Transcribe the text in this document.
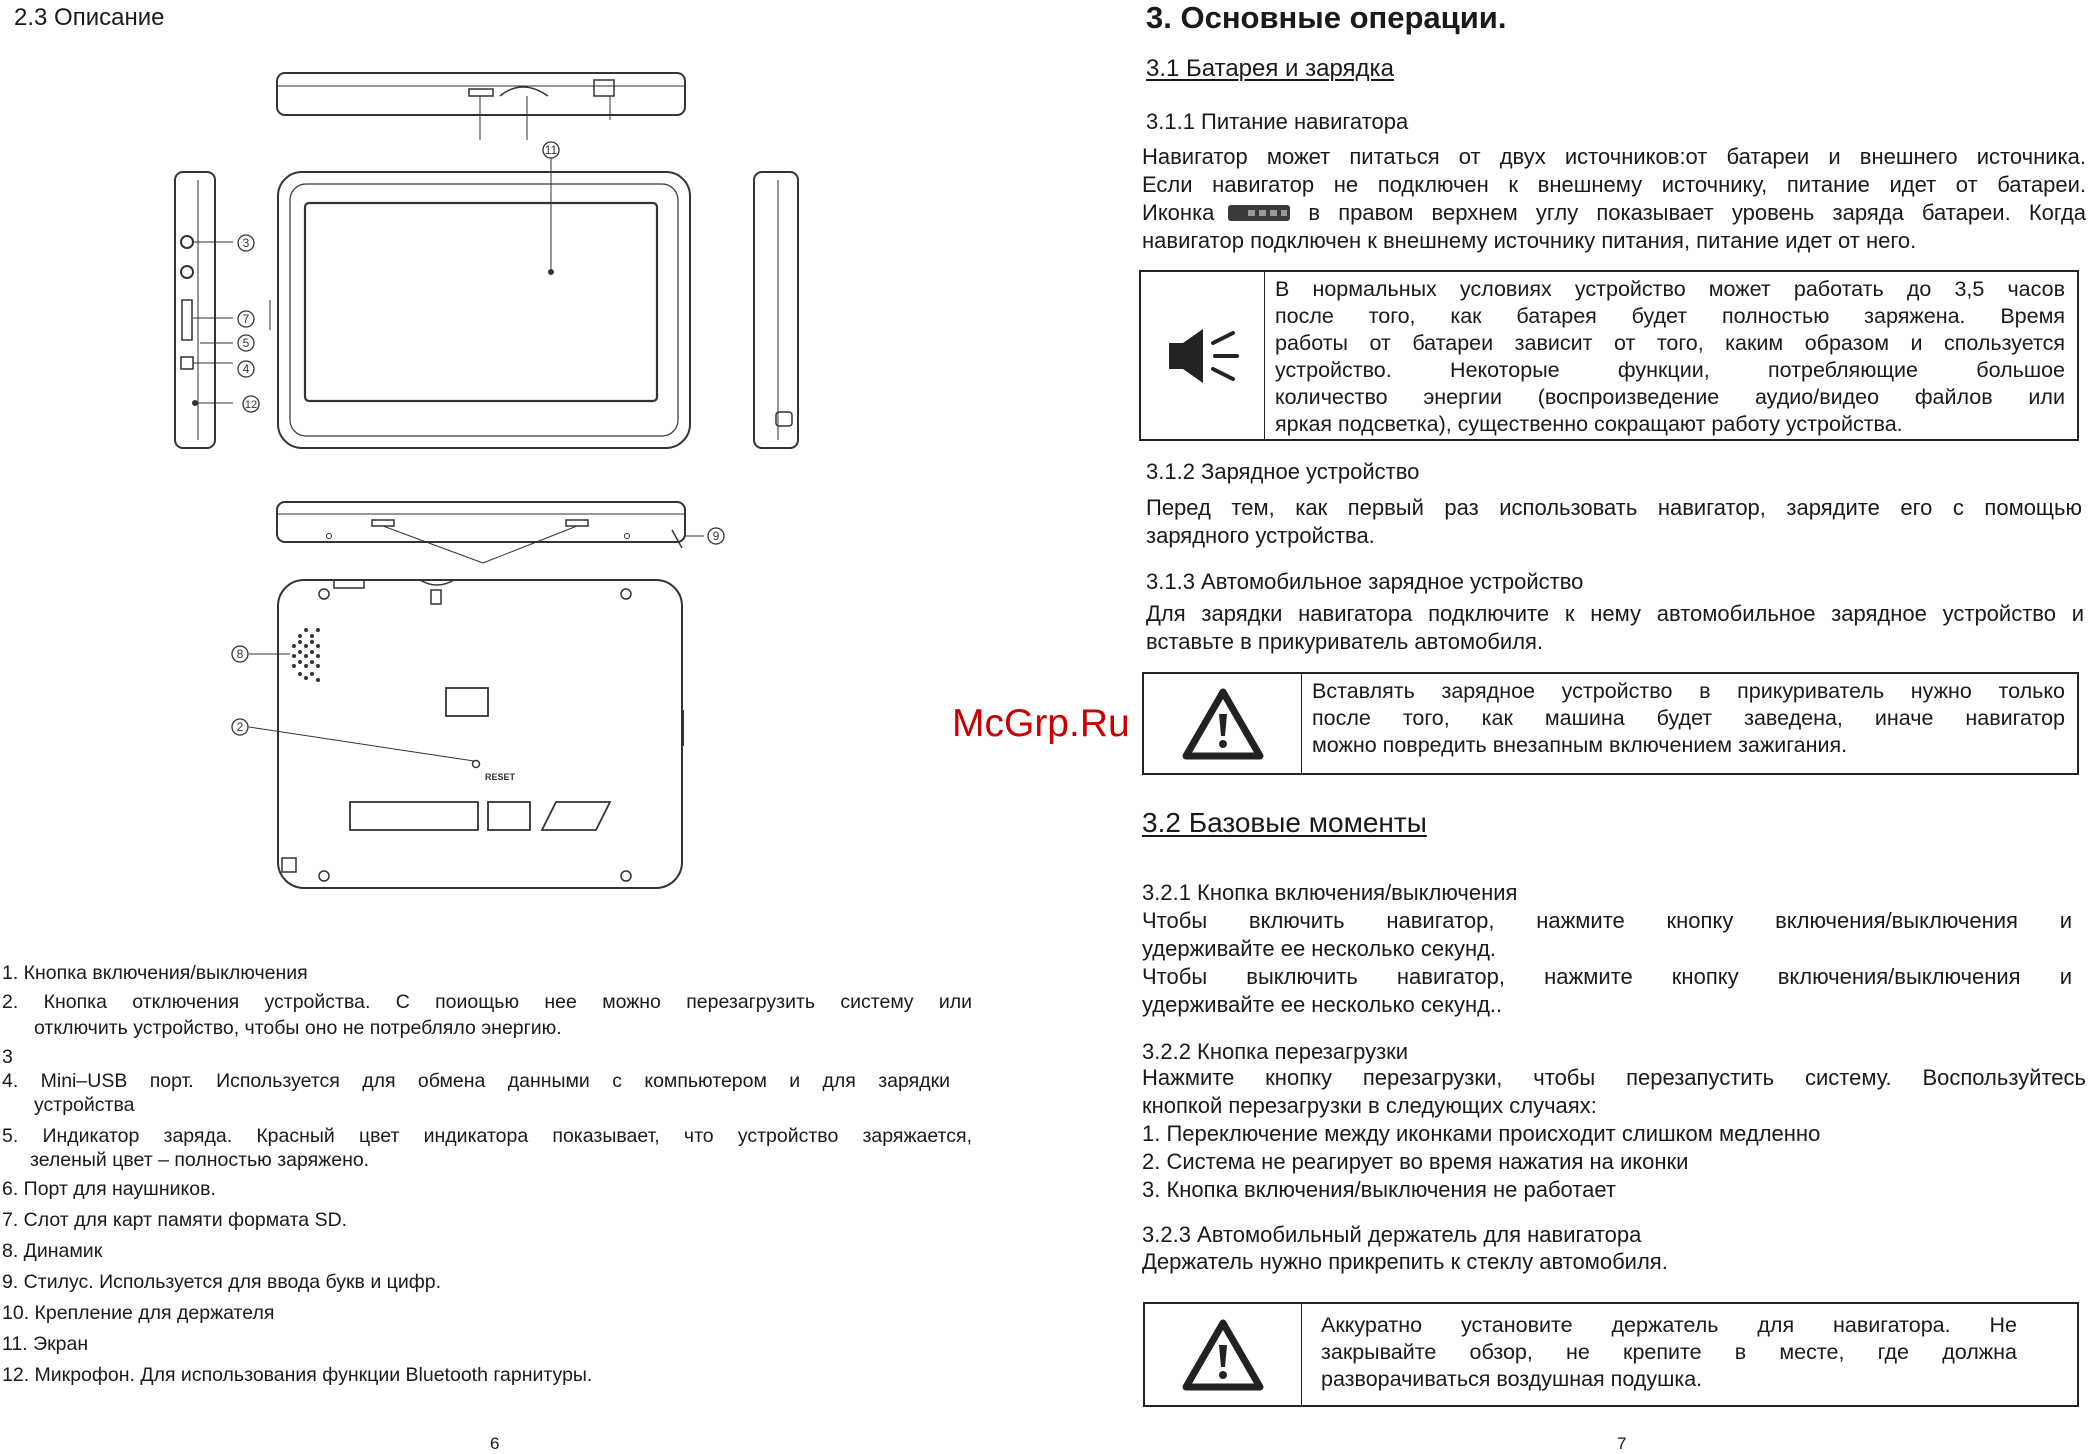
2.3 Описание
11
3
7
5
4
12
9
8
2
RESET

1. Кнопка включения/выключения

2. Кнопка отключения устройства. С поиощью нее можно перезагрузить системy или

отключить устройство, чтобы оно не потребляло энергию.

3

4. Mini–USB порт. Используется для обмена данными с компьютером и для зарядки

устройства

5. Индикатор заряда. Красный цвет индикатора показывает, что устройство заряжается,

зеленый цвет – полностью заряжено.

6. Порт для наушников.

7. Слот для карт памяти формата SD.

8. Динамик

9. Стилус. Используется для ввода букв и цифр.

10. Крепление для держателя

11. Экран

12. Микрофон. Для использования функции Bluetooth гарнитуры.

6
3. Основные операции.
3.1 Батарея и зарядка
3.1.1 Питание навигатора
Навигатор может питаться от двух источников:от батареи и внешнего источника.
Если навигатор не подключен к внешнему источнику, питание идет от батареи.
Иконка	в правом верхнем углу показывает уровень заряда батареи. Когда
навигатор подключен к внешнему источнику питания, питание идет от него.
В нормальных условиях устройство может работать до 3,5 часов
после того, как батарея будет полностью заряжена. Время
работы от батареи зависит от того, каким образом и спользуется
устройство. Некоторые функции, потребляющие большое
количество энергии (воспроизведение аудио/видео файлов или
яркая подсветка), существенно сокращают работу устройства.
3.1.2 Зарядное устройство
Перед тем, как первый раз использовать навигатор, зарядите его с помощью
зарядного устройства.
3.1.3 Автомобильное зарядное устройство
Для зарядки навигатора подключите к нему автомобильное зарядное устройство и
вставьте в прикуриватель автомобиля.
Вставлять зарядное устройство в прикуриватель нужно только
после того, как машина будет заведена, иначе навигатор
можно повредить внезапным включением зажигания.
McGrp.Ru
3.2 Базовые моменты
3.2.1 Кнопка включения/выключения
Чтобы включить навигатор, нажмите кнопку включения/выключения и
удерживайте ее несколько секунд.
Чтобы выключить навигатор, нажмите кнопку включения/выключения и
удерживайте ее несколько секунд..
3.2.2 Кнопка перезагрузки
Нажмите кнопку перезагрузки, чтобы перезапустить систему. Воспользуйтесь
кнопкой перезагрузки в следующих случаях:
1. Переключение между иконками происходит слишком медленно
2. Система не реагирует во время нажатия на иконки
3. Кнопка включения/выключения не работает
3.2.3 Автомобильный держатель для навигатора
Держатель нужно прикрепить к стеклу автомобиля.
Аккуратно установите держатель для навигатора. Не
закрывайте обзор, не крепите в месте, где должна
разворачиваться воздушная подушка.
7
